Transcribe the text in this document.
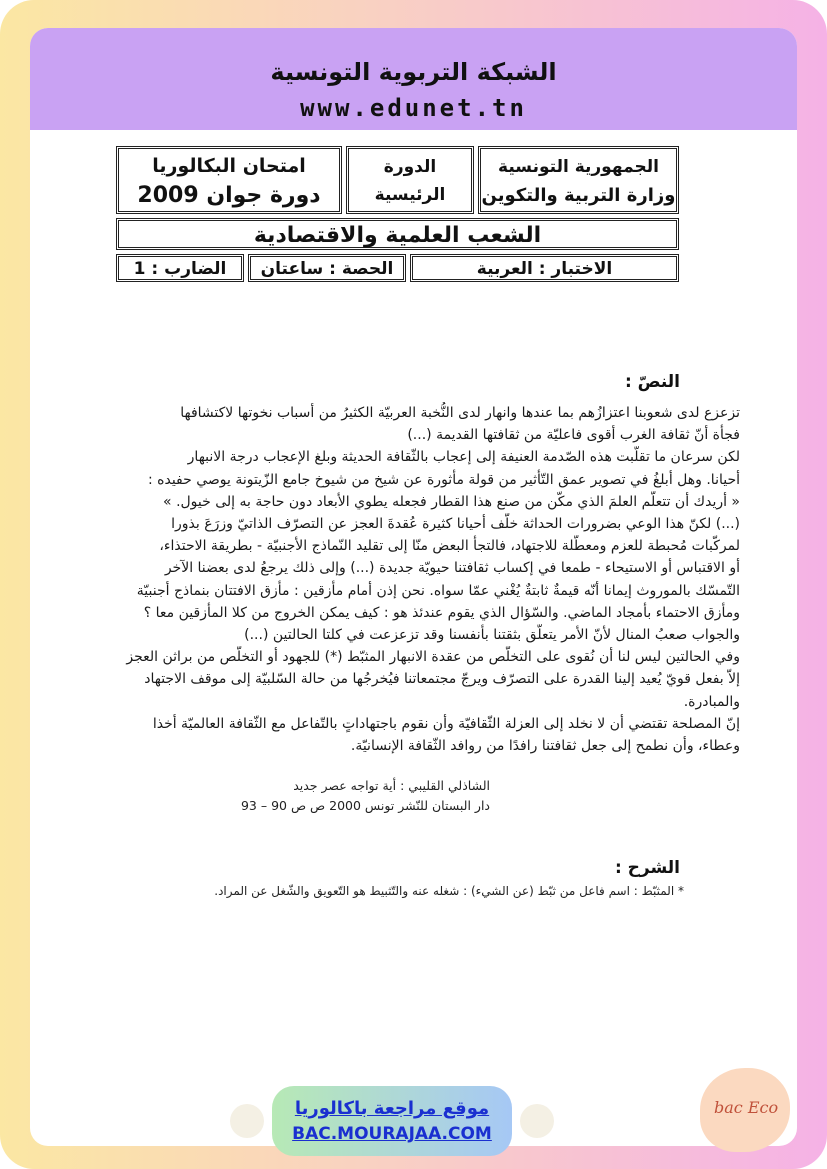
الشبكة التربوية التونسية
www.edunet.tn
الجمهورية التونسية
وزارة التربية والتكوين
الدورة
الرئيسية
امتحان البكالوريا
دورة جوان 2009
الشعب العلمية والاقتصادية
الاختبار : العربية
الحصة : ساعتان
الضارب : 1
النصّ :
تزعزع لدى شعوبنا اعتزازُهم بما عندها وانهار لدى النُّخبة العربيّة الكثيرُ من أسباب نخوتها لاكتشافها
فجأة أنّ ثقافة الغرب أقوى فاعليّة من ثقافتها القديمة (...)
لكن سرعان ما تقلّبت هذه الصّدمة العنيفة إلى إعجاب بالثّقافة الحديثة وبلغ الإعجاب درجة الانبهار
أحيانا. وهل أبلغُ في تصوير عمق التّأثير من قولة مأثورة عن شيخ من شيوخ جامع الزّيتونة يوصي حفيده :
« أريدك أن تتعلّم العلمَ الذي مكّن من صنع هذا القطار فجعله يطوي الأبعاد دون حاجة به إلى خيول. »
(...) لكنّ هذا الوعي بضرورات الحداثة خلّف أحيانا كثيرة عُقدةَ العجز عن التصرّف الذاتيّ وزرَعَ بذورا
لمركّبات مُحبطة للعزم ومعطّلة للاجتهاد، فالتجأ البعض منّا إلى تقليد النّماذج الأجنبيّة - بطريقة الاحتذاء،
أو الاقتباس أو الاستيحاء - طمعا في إكساب ثقافتنا حيويّة جديدة (...) وإلى ذلك يرجعُ لدى بعضنا الآخر
التّمسّك بالموروث إيمانا أنّه قيمةٌ ثابتةٌ يُغْني عمّا سواه. نحن إذن أمام مأزقين : مأزق الافتتان بنماذج أجنبيّة
ومأزق الاحتماء بأمجاد الماضي. والسّؤال الذي يقوم عندئذ هو : كيف يمكن الخروج من كلا المأزقين معا ؟
والجواب صعبُ المنال لأنّ الأمر يتعلّق بثقتنا بأنفسنا وقد تزعزعت في كلتا الحالتين (...)
وفي الحالتين ليس لنا أن نُقوى على التخلّص من عقدة الانبهار المثبّط (*) للجهود أو التخلّص من براثن العجز
إلاّ بفعل قويّ يُعيد إلينا القدرة على التصرّف ويرجّ مجتمعاتنا فيُخرجُها من حالة السّلبيّة إلى موقف الاجتهاد
والمبادرة.
إنّ المصلحة تقتضي أن لا نخلد إلى العزلة الثّقافيّة وأن نقوم باجتهاداتٍ بالتّفاعل مع الثّقافة العالميّة أخذا
وعطاء، وأن نطمح إلى جعل ثقافتنا رافدًا من روافد الثّقافة الإنسانيّة.
الشاذلي القليبي : أية تواجه عصر جديد
دار البستان للنّشر تونس 2000 ص ص 90 – 93
الشرح :
* المثبّط : اسم فاعل من ثبّط (عن الشيء) : شغله عنه والتّثبيط هو التّعويق والشّغل عن المراد.
موقع مراجعة باكالوريا
BAC.MOURAJAA.COM
bac Eco
